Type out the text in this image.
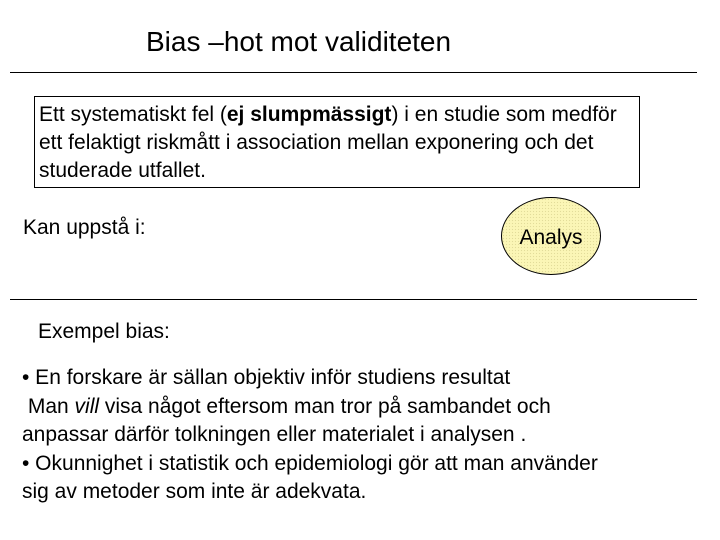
Bias –hot mot validiteten
Ett systematiskt fel (ej slumpmässigt) i en studie som medför ett felaktigt riskmått i association mellan exponering och det studerade utfallet.
Kan uppstå i:	Analys
Exempel bias:
• En forskare är sällan objektiv inför studiens resultat
Man vill visa något eftersom man tror på sambandet och
anpassar därför tolkningen eller materialet i analysen .
• Okunnighet i statistik och epidemiologi gör att man använder
sig av metoder som inte är adekvata.
